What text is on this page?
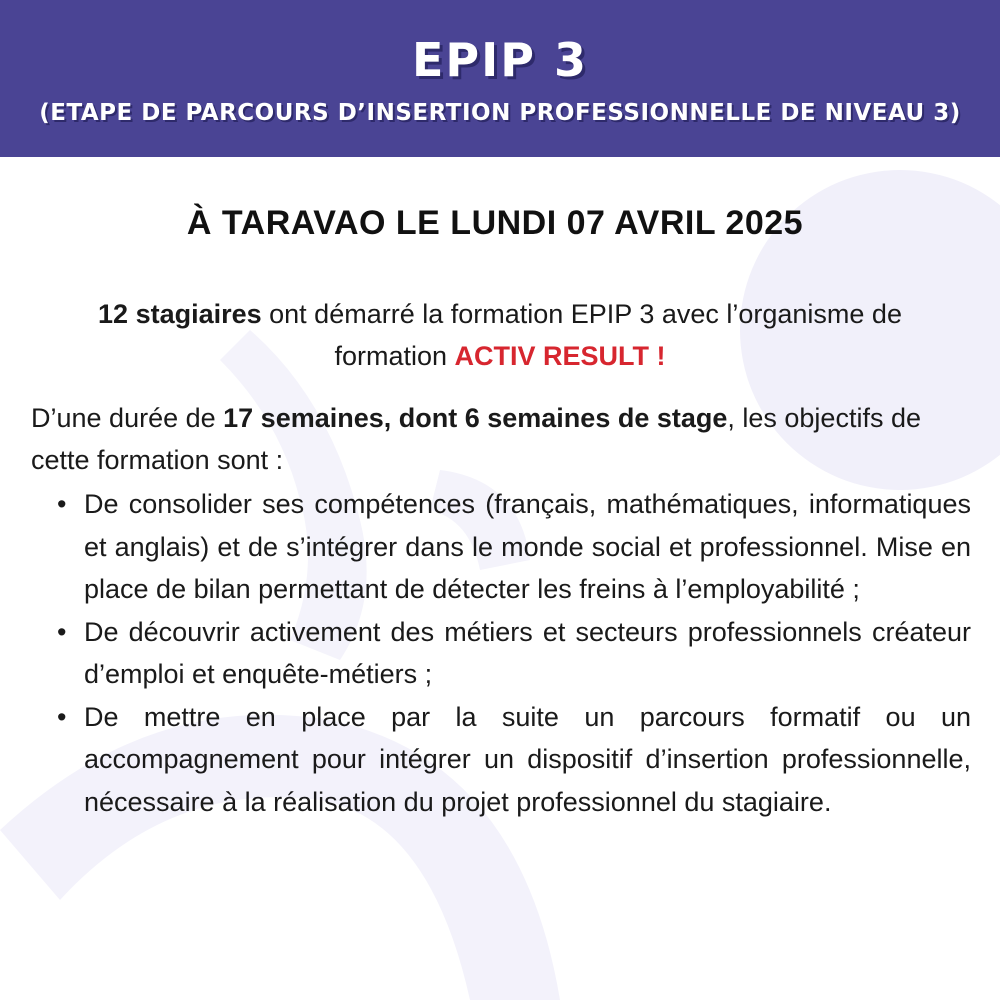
EPIP 3
(ETAPE DE PARCOURS D’INSERTION PROFESSIONNELLE DE NIVEAU 3)
À TARAVAO LE LUNDI 07 AVRIL 2025
12 stagiaires ont démarré la formation EPIP 3 avec l’organisme de formation ACTIV RESULT !
D’une durée de 17 semaines, dont 6 semaines de stage, les objectifs de cette formation sont :
• De consolider ses compétences (français, mathématiques, informatiques et anglais) et de s’intégrer dans le monde social et professionnel. Mise en place de bilan permettant de détecter les freins à l’employabilité ;
• De découvrir activement des métiers et secteurs professionnels créateur d’emploi et enquête-métiers ;
• De mettre en place par la suite un parcours formatif ou un accompagnement pour intégrer un dispositif d’insertion professionnelle, nécessaire à la réalisation du projet professionnel du stagiaire.
